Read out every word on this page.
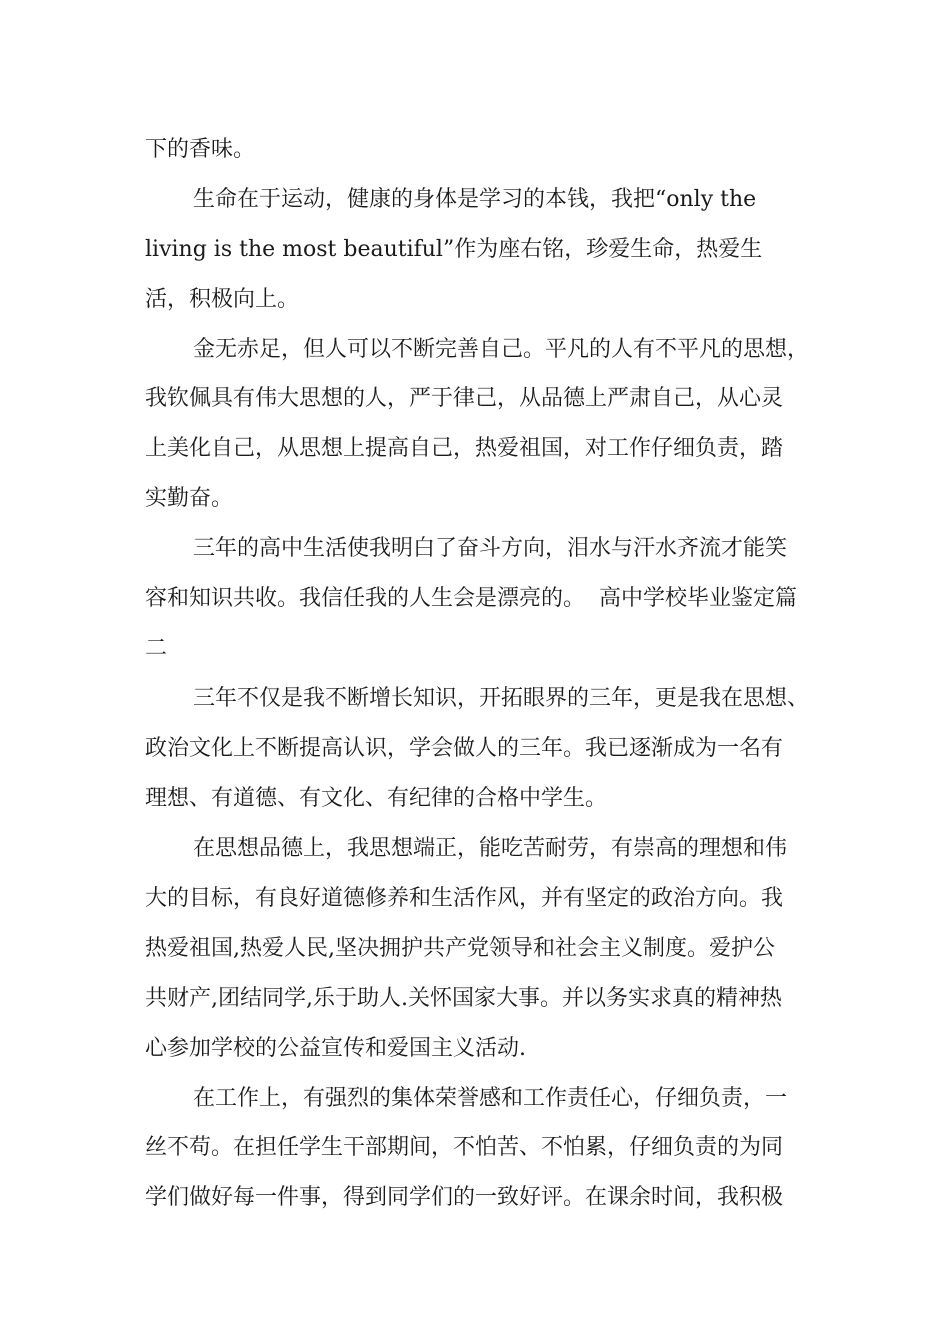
下的香味。
生命在于运动，健康的身体是学习的本钱，我把“only the
living is the most beautiful”作为座右铭，珍爱生命，热爱生
活，积极向上。
金无赤足，但人可以不断完善自己。平凡的人有不平凡的思想，
我钦佩具有伟大思想的人，严于律己，从品德上严肃自己，从心灵
上美化自己，从思想上提高自己，热爱祖国，对工作仔细负责，踏
实勤奋。
三年的高中生活使我明白了奋斗方向，泪水与汗水齐流才能笑
容和知识共收。我信任我的人生会是漂亮的。  高中学校毕业鉴定篇
二
三年不仅是我不断增长知识，开拓眼界的三年，更是我在思想、
政治文化上不断提高认识，学会做人的三年。我已逐渐成为一名有
理想、有道德、有文化、有纪律的合格中学生。
在思想品德上，我思想端正，能吃苦耐劳，有崇高的理想和伟
大的目标，有良好道德修养和生活作风，并有坚定的政治方向。我
热爱祖国,热爱人民,坚决拥护共产党领导和社会主义制度。爱护公
共财产,团结同学,乐于助人.关怀国家大事。并以务实求真的精神热
心参加学校的公益宣传和爱国主义活动.
在工作上，有强烈的集体荣誉感和工作责任心，仔细负责，一
丝不苟。在担任学生干部期间，不怕苦、不怕累，仔细负责的为同
学们做好每一件事，得到同学们的一致好评。在课余时间，我积极
